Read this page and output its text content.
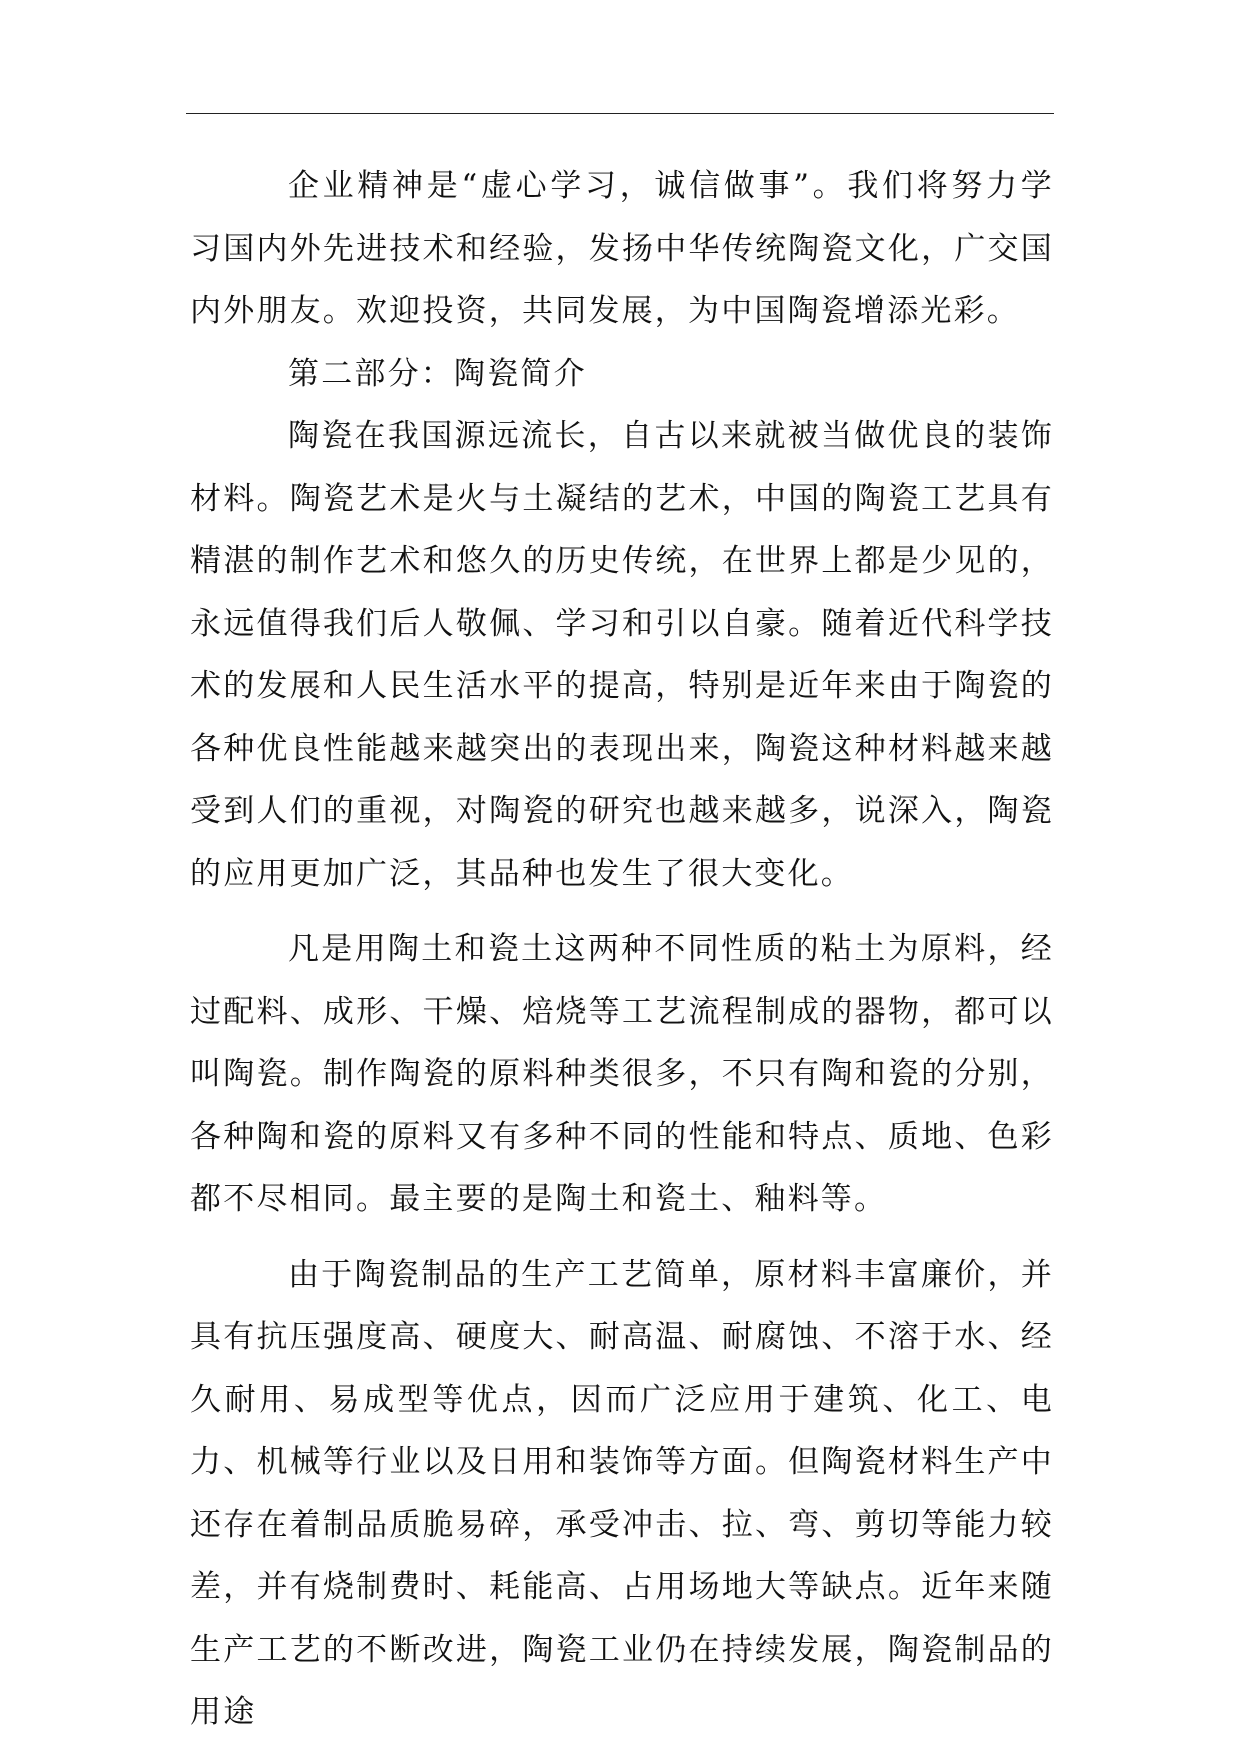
企业精神是“虚心学习，诚信做事”。我们将努力学习国内外先进技术和经验，发扬中华传统陶瓷文化，广交国内外朋友。欢迎投资，共同发展，为中国陶瓷增添光彩。

第二部分：陶瓷简介

陶瓷在我国源远流长，自古以来就被当做优良的装饰材料。陶瓷艺术是火与土凝结的艺术，中国的陶瓷工艺具有精湛的制作艺术和悠久的历史传统，在世界上都是少见的，永远值得我们后人敬佩、学习和引以自豪。随着近代科学技术的发展和人民生活水平的提高，特别是近年来由于陶瓷的各种优良性能越来越突出的表现出来，陶瓷这种材料越来越受到人们的重视，对陶瓷的研究也越来越多，说深入，陶瓷的应用更加广泛，其品种也发生了很大变化。

凡是用陶土和瓷土这两种不同性质的粘土为原料，经过配料、成形、干燥、焙烧等工艺流程制成的器物，都可以叫陶瓷。制作陶瓷的原料种类很多，不只有陶和瓷的分别，各种陶和瓷的原料又有多种不同的性能和特点、质地、色彩都不尽相同。最主要的是陶土和瓷土、釉料等。

由于陶瓷制品的生产工艺简单，原材料丰富廉价，并具有抗压强度高、硬度大、耐高温、耐腐蚀、不溶于水、经久耐用、易成型等优点，因而广泛应用于建筑、化工、电力、机械等行业以及日用和装饰等方面。但陶瓷材料生产中还存在着制品质脆易碎，承受冲击、拉、弯、剪切等能力较差，并有烧制费时、耗能高、占用场地大等缺点。近年来随生产工艺的不断改进，陶瓷工业仍在持续发展，陶瓷制品的用途
